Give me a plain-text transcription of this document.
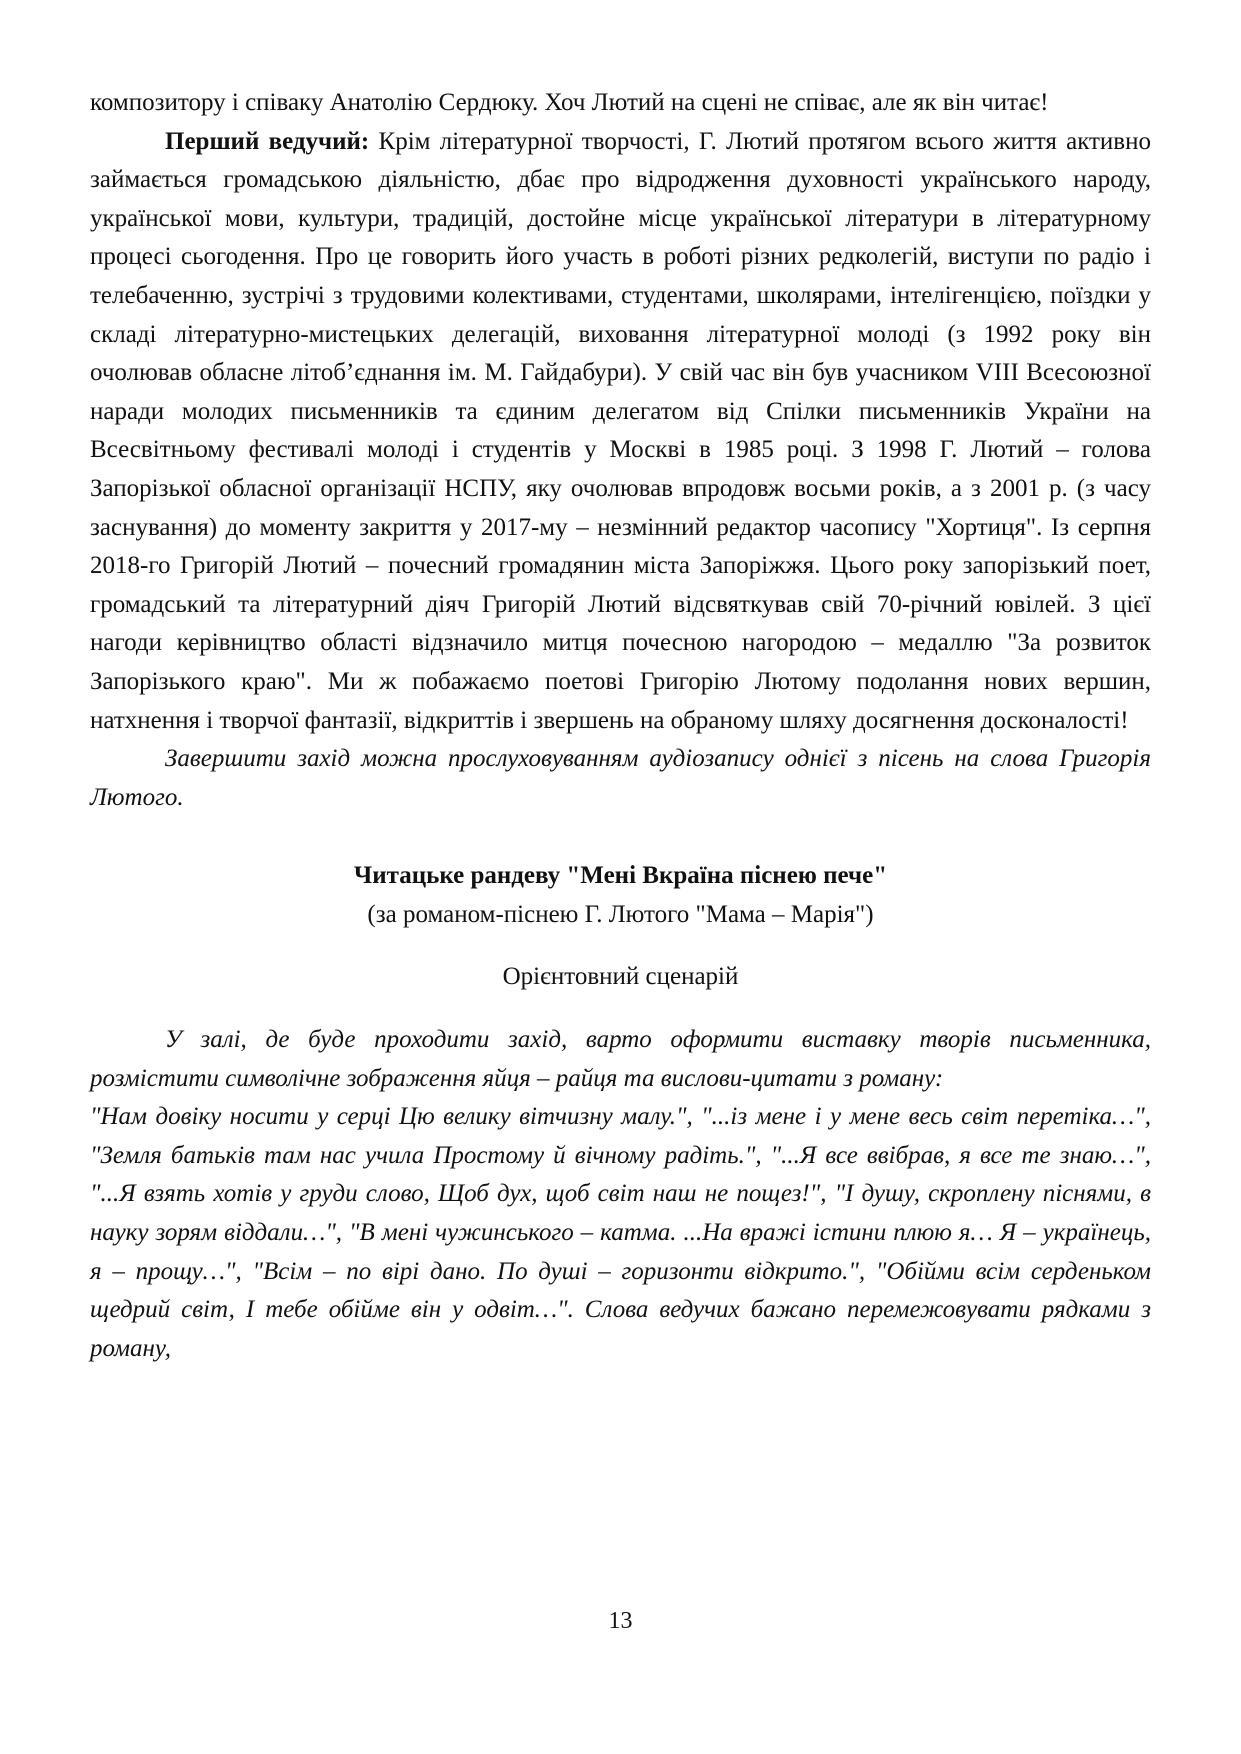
композитору і співаку Анатолію Сердюку. Хоч Лютий на сцені не співає, але як він читає!

Перший ведучий: Крім літературної творчості, Г. Лютий протягом всього життя активно займається громадською діяльністю, дбає про відродження духовності українського народу, української мови, культури, традицій, достойне місце української літератури в літературному процесі сьогодення. Про це говорить його участь в роботі різних редколегій, виступи по радіо і телебаченню, зустрічі з трудовими колективами, студентами, школярами, інтелігенцією, поїздки у складі літературно-мистецьких делегацій, виховання літературної молоді (з 1992 року він очолював обласне літоб’єднання ім. М. Гайдабури). У свій час він був учасником VIII Всесоюзної наради молодих письменників та єдиним делегатом від Спілки письменників України на Всесвітньому фестивалі молоді і студентів у Москві в 1985 році. З 1998 Г. Лютий – голова Запорізької обласної організації НСПУ, яку очолював впродовж восьми років, а з 2001 р. (з часу заснування) до моменту закриття у 2017-му – незмінний редактор часопису "Хортиця". Із серпня 2018-го Григорій Лютий – почесний громадянин міста Запоріжжя. Цього року запорізький поет, громадський та літературний діяч Григорій Лютий відсвяткував свій 70-річний ювілей. З цієї нагоди керівництво області відзначило митця почесною нагородою – медаллю "За розвиток Запорізького краю". Ми ж побажаємо поетові Григорію Лютому подолання нових вершин, натхнення і творчої фантазії, відкриттів і звершень на обраному шляху досягнення досконалості!

Завершити захід можна прослуховуванням аудіозапису однієї з пісень на слова Григорія Лютого.

Читацьке рандеву "Мені Вкраїна піснею пече"

(за романом-піснею Г. Лютого "Мама – Марія")

Орієнтовний сценарій

У залі, де буде проходити захід, варто оформити виставку творів письменника, розмістити символічне зображення яйця – райця та вислови-цитати з роману:

"Нам довіку носити у серці Цю велику вітчизну малу.", "...із мене і у мене весь світ перетіка…", "Земля батьків там нас учила Простому й вічному радіть.", "...Я все ввібрав, я все те знаю…", "...Я взять хотів у груди слово, Щоб дух, щоб світ наш не пощез!", "І душу, скроплену піснями, в науку зорям віддали…", "В мені чужинського – катма. ...На вражі істини плюю я… Я – українець, я – прощу…", "Всім – по вірі дано. По душі – горизонти відкрито.", "Обійми всім серденьком щедрий світ, І тебе обійме він у одвіт…". Слова ведучих бажано перемежовувати рядками з роману,

13
